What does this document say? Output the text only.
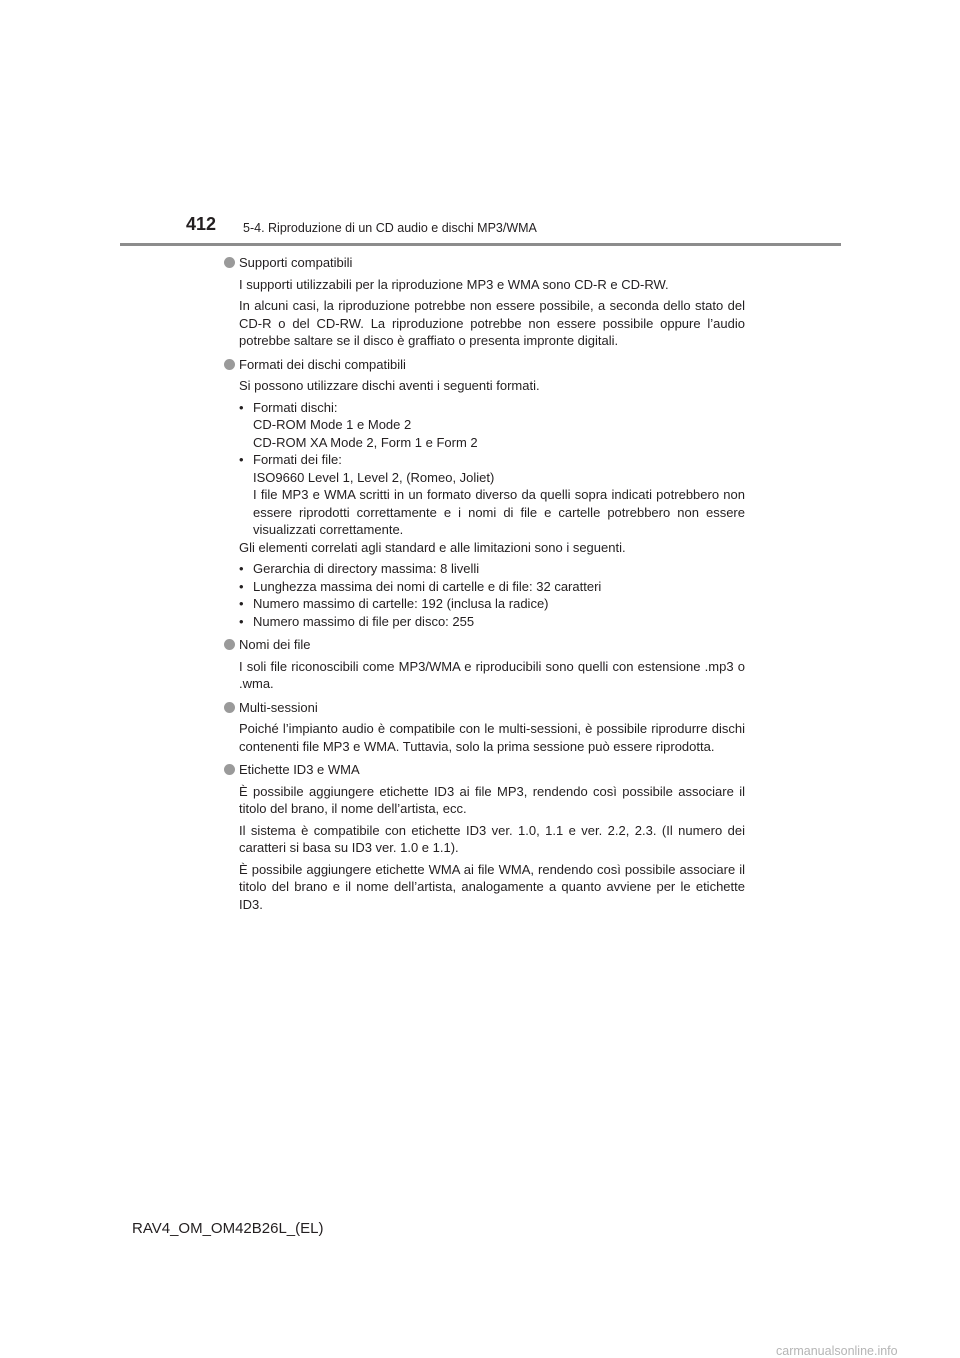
412 5-4. Riproduzione di un CD audio e dischi MP3/WMA

Supporti compatibili

I supporti utilizzabili per la riproduzione MP3 e WMA sono CD-R e CD-RW.

In alcuni casi, la riproduzione potrebbe non essere possibile, a seconda dello stato del CD-R o del CD-RW. La riproduzione potrebbe non essere possibile oppure l’audio potrebbe saltare se il disco è graffiato o presenta impronte digitali.

Formati dei dischi compatibili

Si possono utilizzare dischi aventi i seguenti formati.

• Formati dischi:
CD-ROM Mode 1 e Mode 2
CD-ROM XA Mode 2, Form 1 e Form 2
• Formati dei file:
ISO9660 Level 1, Level 2, (Romeo, Joliet)
I file MP3 e WMA scritti in un formato diverso da quelli sopra indicati potrebbero non essere riprodotti correttamente e i nomi di file e cartelle potrebbero non essere visualizzati correttamente.

Gli elementi correlati agli standard e alle limitazioni sono i seguenti.

• Gerarchia di directory massima: 8 livelli
• Lunghezza massima dei nomi di cartelle e di file: 32 caratteri
• Numero massimo di cartelle: 192 (inclusa la radice)
• Numero massimo di file per disco: 255

Nomi dei file

I soli file riconoscibili come MP3/WMA e riproducibili sono quelli con estensione .mp3 o .wma.

Multi-sessioni

Poiché l’impianto audio è compatibile con le multi-sessioni, è possibile riprodurre dischi contenenti file MP3 e WMA. Tuttavia, solo la prima sessione può essere riprodotta.

Etichette ID3 e WMA

È possibile aggiungere etichette ID3 ai file MP3, rendendo così possibile associare il titolo del brano, il nome dell’artista, ecc.

Il sistema è compatibile con etichette ID3 ver. 1.0, 1.1 e ver. 2.2, 2.3. (Il numero dei caratteri si basa su ID3 ver. 1.0 e 1.1).

È possibile aggiungere etichette WMA ai file WMA, rendendo così possibile associare il titolo del brano e il nome dell’artista, analogamente a quanto avviene per le etichette ID3.

RAV4_OM_OM42B26L_(EL)
carmanualsonline.info
